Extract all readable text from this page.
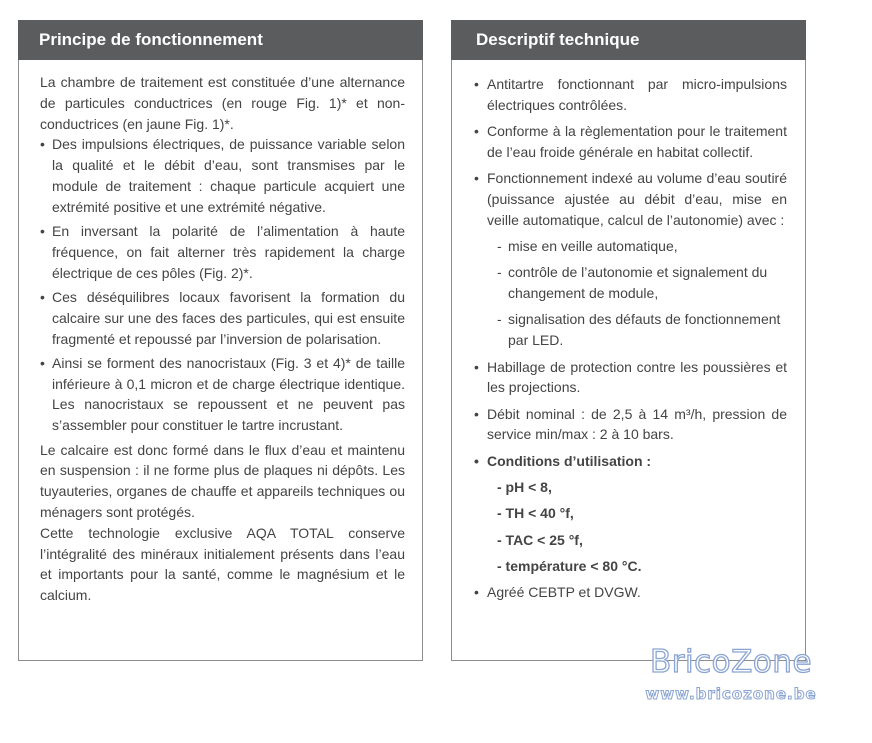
Principe de fonctionnement

La chambre de traitement est constituée d’une alternance de particules conductrices (en rouge Fig. 1)* et non-conductrices (en jaune Fig. 1)*.

• Des impulsions électriques, de puissance variable selon la qualité et le débit d’eau, sont transmises par le module de traitement : chaque particule acquiert une extrémité positive et une extrémité négative.

• En inversant la polarité de l’alimentation à haute fréquence, on fait alterner très rapidement la charge électrique de ces pôles (Fig. 2)*.

• Ces déséquilibres locaux favorisent la formation du calcaire sur une des faces des particules, qui est ensuite fragmenté et repoussé par l’inversion de polarisation.

• Ainsi se forment des nanocristaux (Fig. 3 et 4)* de taille inférieure à 0,1 micron et de charge électrique identique. Les nanocristaux se repoussent et ne peuvent pas s’assembler pour constituer le tartre incrustant.

Le calcaire est donc formé dans le flux d’eau et maintenu en suspension : il ne forme plus de plaques ni dépôts. Les tuyauteries, organes de chauffe et appareils techniques ou ménagers sont protégés.

Cette technologie exclusive AQA TOTAL conserve l’intégralité des minéraux initialement présents dans l’eau et importants pour la santé, comme le magnésium et le calcium.

Descriptif technique

• Antitartre fonctionnant par micro-impulsions électriques contrôlées.

• Conforme à la règlementation pour le traitement de l’eau froide générale en habitat collectif.

• Fonctionnement indexé au volume d’eau soutiré (puissance ajustée au débit d’eau, mise en veille automatique, calcul de l’autonomie) avec :

- mise en veille automatique,
- contrôle de l’autonomie et signalement du changement de module,
- signalisation des défauts de fonctionnement par LED.

• Habillage de protection contre les poussières et les projections.

• Débit nominal : de 2,5 à 14 m³/h, pression de service min/max : 2 à 10 bars.

• Conditions d’utilisation :

- pH < 8,

- TH < 40 °f,

- TAC < 25 °f,

- température < 80 °C.

• Agréé CEBTP et DVGW.

BricoZone
www.bricozone.be
